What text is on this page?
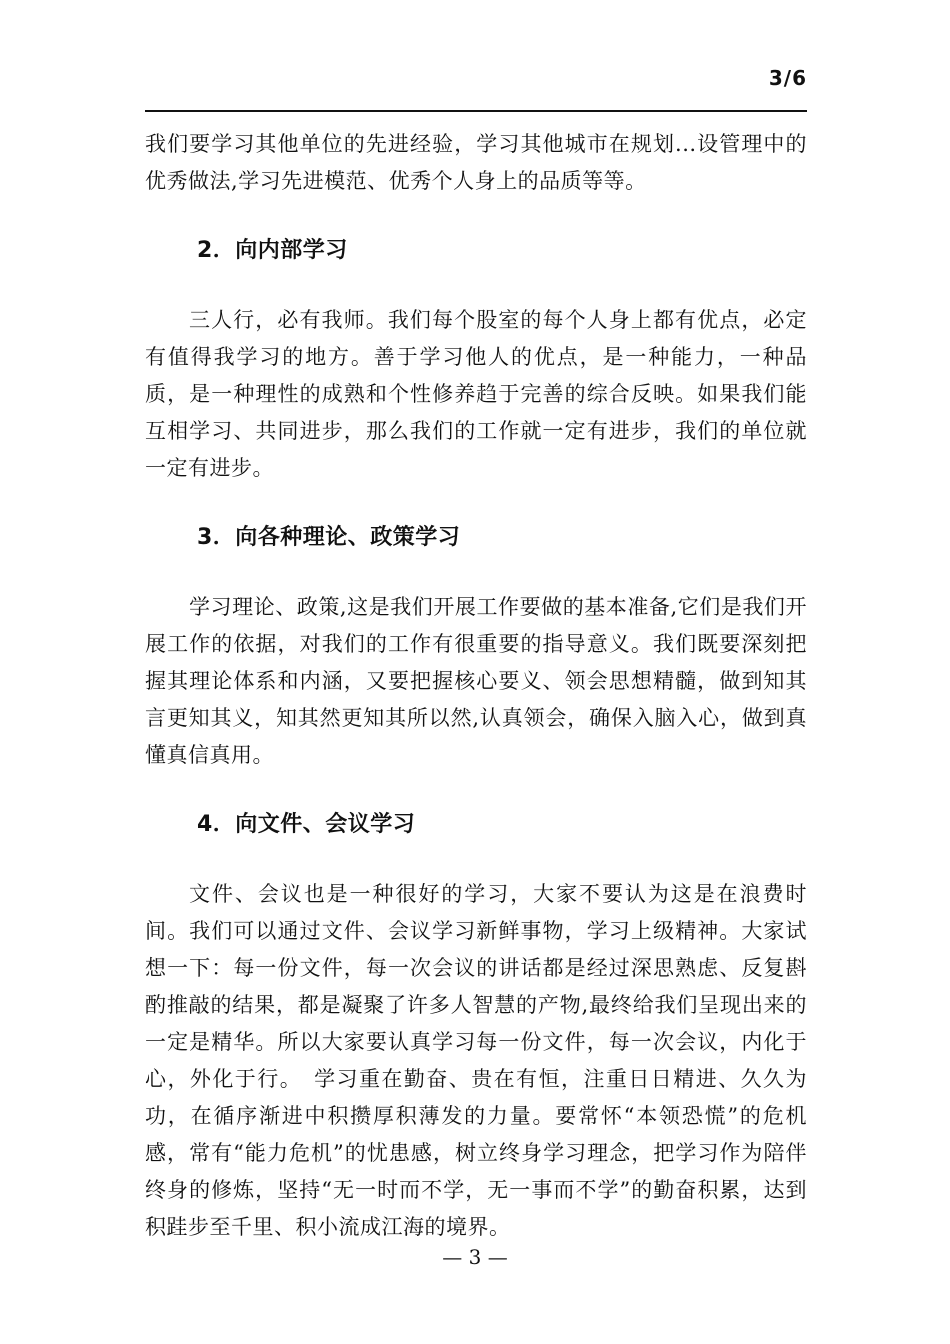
3/6

我们要学习其他单位的先进经验，学习其他城市在规划...设管理中的优秀做法,学习先进模范、优秀个人身上的品质等等。

2．向内部学习

三人行，必有我师。我们每个股室的每个人身上都有优点，必定有值得我学习的地方。善于学习他人的优点，是一种能力，一种品质，是一种理性的成熟和个性修养趋于完善的综合反映。如果我们能互相学习、共同进步，那么我们的工作就一定有进步，我们的单位就一定有进步。

3．向各种理论、政策学习

学习理论、政策,这是我们开展工作要做的基本准备,它们是我们开展工作的依据，对我们的工作有很重要的指导意义。我们既要深刻把握其理论体系和内涵，又要把握核心要义、领会思想精髓，做到知其言更知其义，知其然更知其所以然,认真领会，确保入脑入心，做到真懂真信真用。

4．向文件、会议学习

文件、会议也是一种很好的学习，大家不要认为这是在浪费时间。我们可以通过文件、会议学习新鲜事物，学习上级精神。大家试想一下：每一份文件，每一次会议的讲话都是经过深思熟虑、反复斟酌推敲的结果，都是凝聚了许多人智慧的产物,最终给我们呈现出来的一定是精华。所以大家要认真学习每一份文件，每一次会议，内化于心，外化于行。　学习重在勤奋、贵在有恒，注重日日精进、久久为功，在循序渐进中积攒厚积薄发的力量。要常怀“本领恐慌”的危机感，常有“能力危机”的忧患感，树立终身学习理念，把学习作为陪伴终身的修炼，坚持“无一时而不学，无一事而不学”的勤奋积累，达到积跬步至千里、积小流成江海的境界。

— 3 —
